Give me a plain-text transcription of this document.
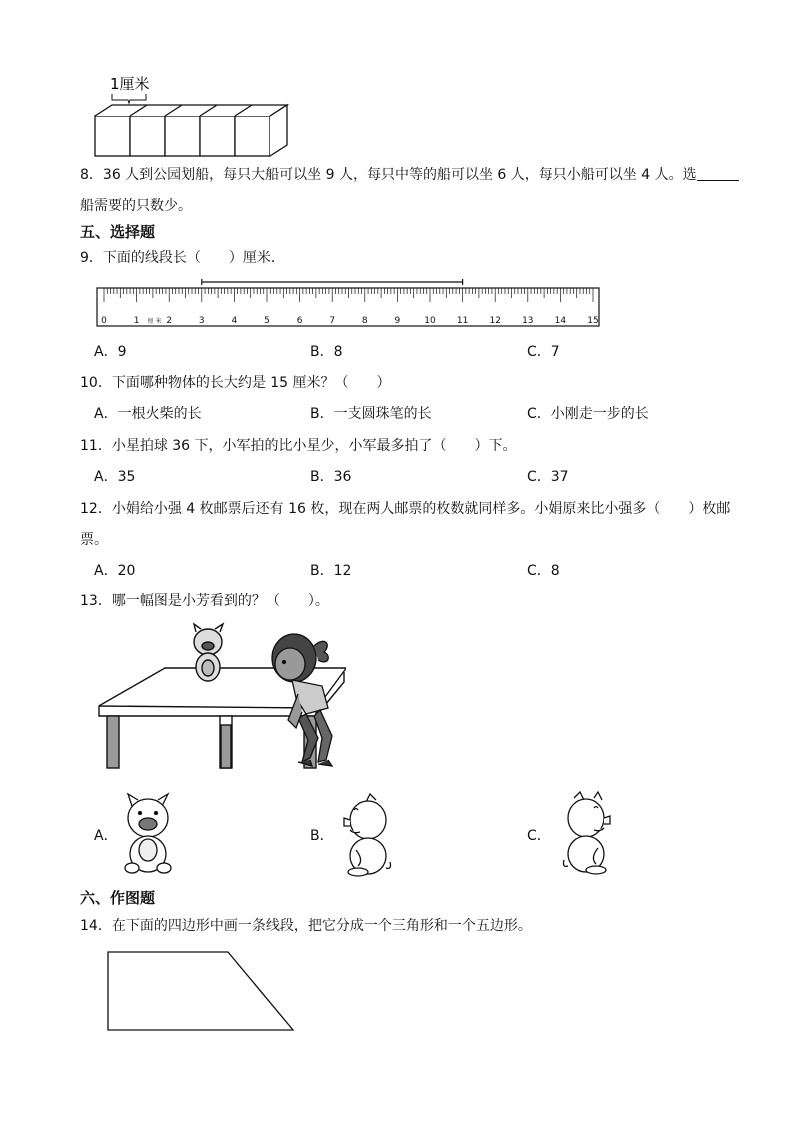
1厘米
8．36 人到公园划船，每只大船可以坐 9 人，每只中等的船可以坐 6 人，每只小船可以坐 4 人。选
船需要的只数少。
五、选择题
9．下面的线段长（　　）厘米．
0	1	2	3	4	5	6	7	8	9	10 11 12 13 14 15
厘 米
A．9	B．8	C．7
10．下面哪种物体的长大约是 15 厘米？（　　）
A．一根火柴的长	B．一支圆珠笔的长	C．小刚走一步的长
11．小星拍球 36 下，小军拍的比小星少，小军最多拍了（　　）下。
A．35	B．36	C．37
12．小娟给小强 4 枚邮票后还有 16 枚，现在两人邮票的枚数就同样多。小娟原来比小强多（　　）枚邮
票。
A．20	B．12	C．8
13．哪一幅图是小芳看到的？（　　）。
A．	B．	C．
六、作图题
14．在下面的四边形中画一条线段，把它分成一个三角形和一个五边形。
